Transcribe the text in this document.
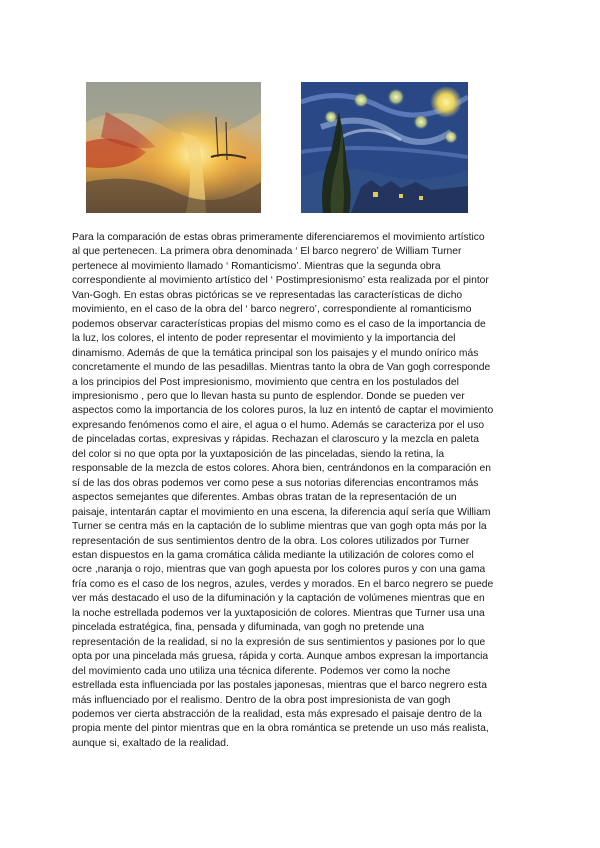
Para la comparación de estas obras primeramente diferenciaremos el movimiento artístico
al que pertenecen. La primera obra denominada ‘ El barco negrero’ de William Turner
pertenece al movimiento llamado ‘ Romanticismo’. Mientras que la segunda obra
correspondiente al movimiento artístico del ‘ Postimpresionismo’ esta realizada por el pintor
Van-Gogh. En estas obras pictóricas se ve representadas las características de dicho
movimiento, en el caso de la obra del ‘ barco negrero’, correspondiente al romanticismo
podemos observar características propias del mismo como es el caso de la importancia de
la luz, los colores, el intento de poder representar el movimiento y la importancia del
dinamismo. Además de que la temática principal son los paisajes y el mundo onírico más
concretamente el mundo de las pesadillas. Mientras tanto la obra de Van gogh corresponde
a los principios del Post impresionismo, movimiento que centra en los postulados del
impresionismo , pero que lo llevan hasta su punto de esplendor. Donde se pueden ver
aspectos como la importancia de los colores puros, la luz en intentó de captar el movimiento
expresando fenómenos como el aire, el agua o el humo. Además se caracteriza por el uso
de pinceladas cortas, expresivas y rápidas. Rechazan el claroscuro y la mezcla en paleta
del color si no que opta por la yuxtaposición de las pinceladas, siendo la retina, la
responsable de la mezcla de estos colores. Ahora bien, centrándonos en la comparación en
sí de las dos obras podemos ver como pese a sus notorias diferencias encontramos más
aspectos semejantes que diferentes. Ambas obras tratan de la representación de un
paisaje, intentarán captar el movimiento en una escena, la diferencia aquí sería que William
Turner se centra más en la captación de lo sublime mientras que van gogh opta más por la
representación de sus sentimientos dentro de la obra. Los colores utilizados por Turner
estan dispuestos en la gama cromática cálida mediante la utilización de colores como el
ocre ,naranja o rojo, mientras que van gogh apuesta por los colores puros y con una gama
fría como es el caso de los negros, azules, verdes y morados. En el barco negrero se puede
ver más destacado el uso de la difuminación y la captación de volúmenes mientras que en
la noche estrellada podemos ver la yuxtaposición de colores. Mientras que Turner usa una
pincelada estratégica, fina, pensada y difuminada, van gogh no pretende una
representación de la realidad, si no la expresión de sus sentimientos y pasiones por lo que
opta por una pincelada más gruesa, rápida y corta. Aunque ambos expresan la importancia
del movimiento cada uno utiliza una técnica diferente. Podemos ver como la noche
estrellada esta influenciada por las postales japonesas, mientras que el barco negrero esta
más influenciado por el realismo. Dentro de la obra post impresionista de van gogh
podemos ver cierta abstracción de la realidad, esta más expresado el paisaje dentro de la
propia mente del pintor mientras que en la obra romántica se pretende un uso más realista,
aunque si, exaltado de la realidad.
